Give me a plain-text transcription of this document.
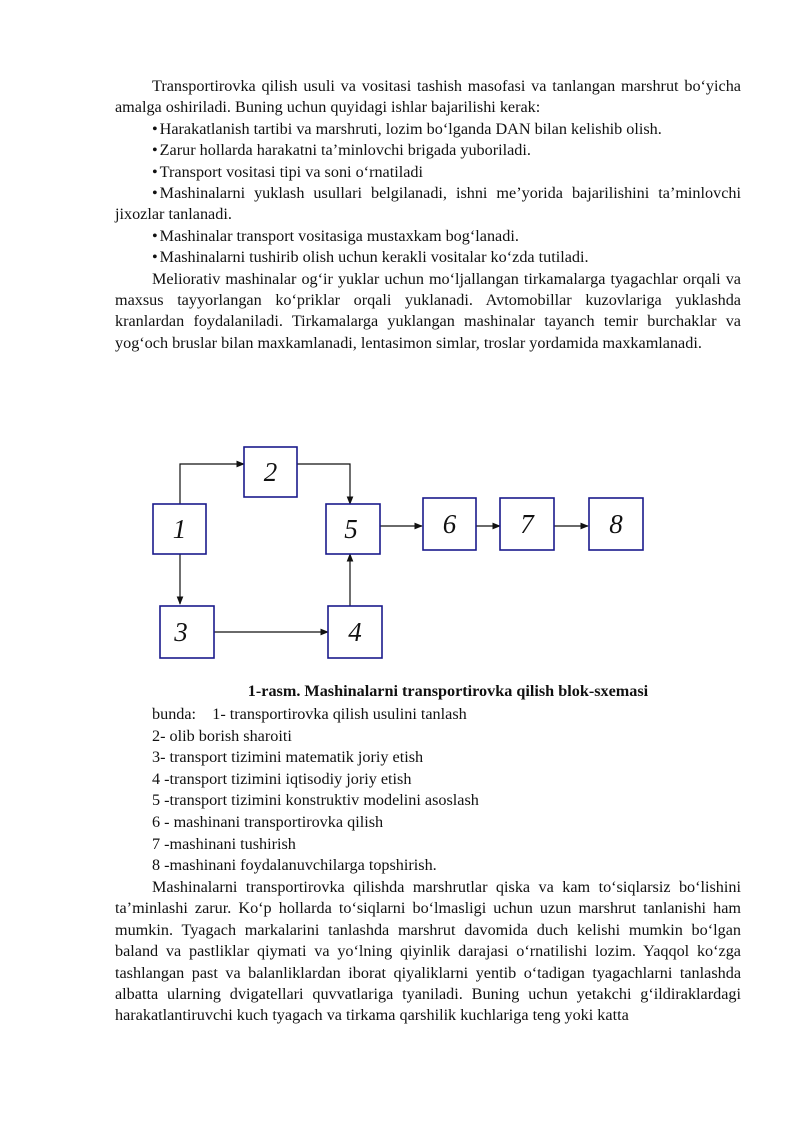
Transportirovka qilish usuli va vositasi tashish masofasi va tanlangan marshrut bo‘yicha amalga oshiriladi. Buning uchun quyidagi ishlar bajarilishi kerak:

• Harakatlanish tartibi va marshruti, lozim bo‘lganda DAN bilan kelishib olish.

• Zarur hollarda harakatni ta’minlovchi brigada yuboriladi.

• Transport vositasi tipi va soni o‘rnatiladi

• Mashinalarni yuklash usullari belgilanadi, ishni me’yorida bajarilishini ta’minlovchi jixozlar tanlanadi.

• Mashinalar transport vositasiga mustaxkam bog‘lanadi.

• Mashinalarni tushirib olish uchun kerakli vositalar ko‘zda tutiladi.

Meliorativ mashinalar og‘ir yuklar uchun mo‘ljallangan tirkamalarga tyagachlar orqali va maxsus tayyorlangan ko‘priklar orqali yuklanadi. Avtomobillar kuzovlariga yuklashda kranlardan foydalaniladi. Tirkamalarga yuklangan mashinalar tayanch temir burchaklar va yog‘och bruslar bilan maxkamlanadi, lentasimon simlar, troslar yordamida maxkamlanadi.

1
2
3	4
5	6 7	8
1-rasm. Mashinalarni transportirovka qilish blok-sxemasi
bunda:    1- transportirovka qilish usulini tanlash
2- olib borish sharoiti
3- transport tizimini matematik joriy etish
4 -transport tizimini iqtisodiy joriy etish
5 -transport tizimini konstruktiv modelini asoslash
6 - mashinani transportirovka qilish
7 -mashinani tushirish
8 -mashinani foydalanuvchilarga topshirish.

Mashinalarni transportirovka qilishda marshrutlar qiska va kam to‘siqlarsiz bo‘lishini ta’minlashi zarur. Ko‘p hollarda to‘siqlarni bo‘lmasligi uchun uzun marshrut tanlanishi ham mumkin. Tyagach markalarini tanlashda marshrut davomida duch kelishi mumkin bo‘lgan baland va pastliklar qiymati va yo‘lning qiyinlik darajasi o‘rnatilishi lozim. Yaqqol ko‘zga tashlangan past va balanliklardan iborat qiyaliklarni yentib o‘tadigan tyagachlarni tanlashda albatta ularning dvigatellari quvvatlariga tyaniladi. Buning uchun yetakchi g‘ildiraklardagi harakatlantiruvchi kuch tyagach va tirkama qarshilik kuchlariga teng yoki katta
